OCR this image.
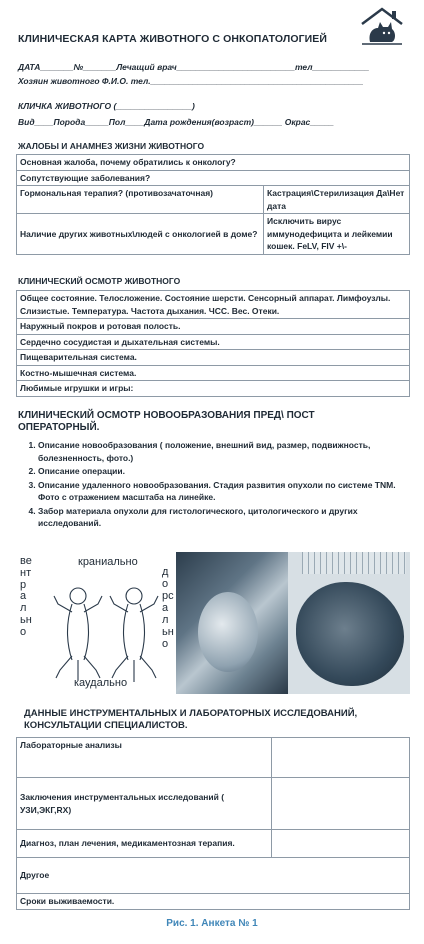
КЛИНИЧЕСКАЯ КАРТА ЖИВОТНОГО С ОНКОПАТОЛОГИЕЙ
ДАТА_______№_______Лечащий врач_________________________тел____________
Хозяин животного Ф.И.О. тел._____________________________________________
КЛИЧКА ЖИВОТНОГО (________________)
Вид____Порода_____Пол____Дата рождения(возраст)______ Окрас_____
ЖАЛОБЫ И АНАМНЕЗ ЖИЗНИ ЖИВОТНОГО
Основная жалоба, почему обратились к онкологу?	
Сопутствующие заболевания?	
Гормональная терапия? (противозачаточная)	Кастрация\Стерилизация Да\Нет дата
Наличие других животных\людей с онкологией в доме?	Исключить вирус иммунодефицита и лейкемии кошек. FeLV, FIV +\-
КЛИНИЧЕСКИЙ ОСМОТР ЖИВОТНОГО
Общее состояние. Телосложение. Состояние шерсти. Сенсорный аппарат. Лимфоузлы. Слизистые. Температура. Частота дыхания. ЧСС. Вес. Отеки.
Наружный покров и ротовая полость.
Сердечно сосудистая и дыхательная системы.
Пищеварительная система.
Костно-мышечная система.
Любимые игрушки и игры:
КЛИНИЧЕСКИЙ ОСМОТР НОВООБРАЗОВАНИЯ ПРЕД\ ПОСТ ОПЕРАТОРНЫЙ.
1. Описание новообразования ( положение, внешний вид, размер, подвижность, болезненность, фото.)
2. Описание операции.
3. Описание удаленного новообразования. Стадия развития опухоли по системе TNM. Фото с отражением масштаба на линейке.
4. Забор материала опухоли для гистологического, цитологического и других исследований.
краниально
каудально
вентрально
дорсально
ДАННЫЕ ИНСТРУМЕНТАЛЬНЫХ И ЛАБОРАТОРНЫХ ИССЛЕДОВАНИЙ, КОНСУЛЬТАЦИИ СПЕЦИАЛИСТОВ.
Лабораторные анализы	
Заключения инструментальных исследований ( УЗИ,ЭКГ,RX)	
Диагноз, план лечения, медикаментозная терапия.	
Другое	
Сроки выживаемости.	
Рис. 1. Анкета № 1
